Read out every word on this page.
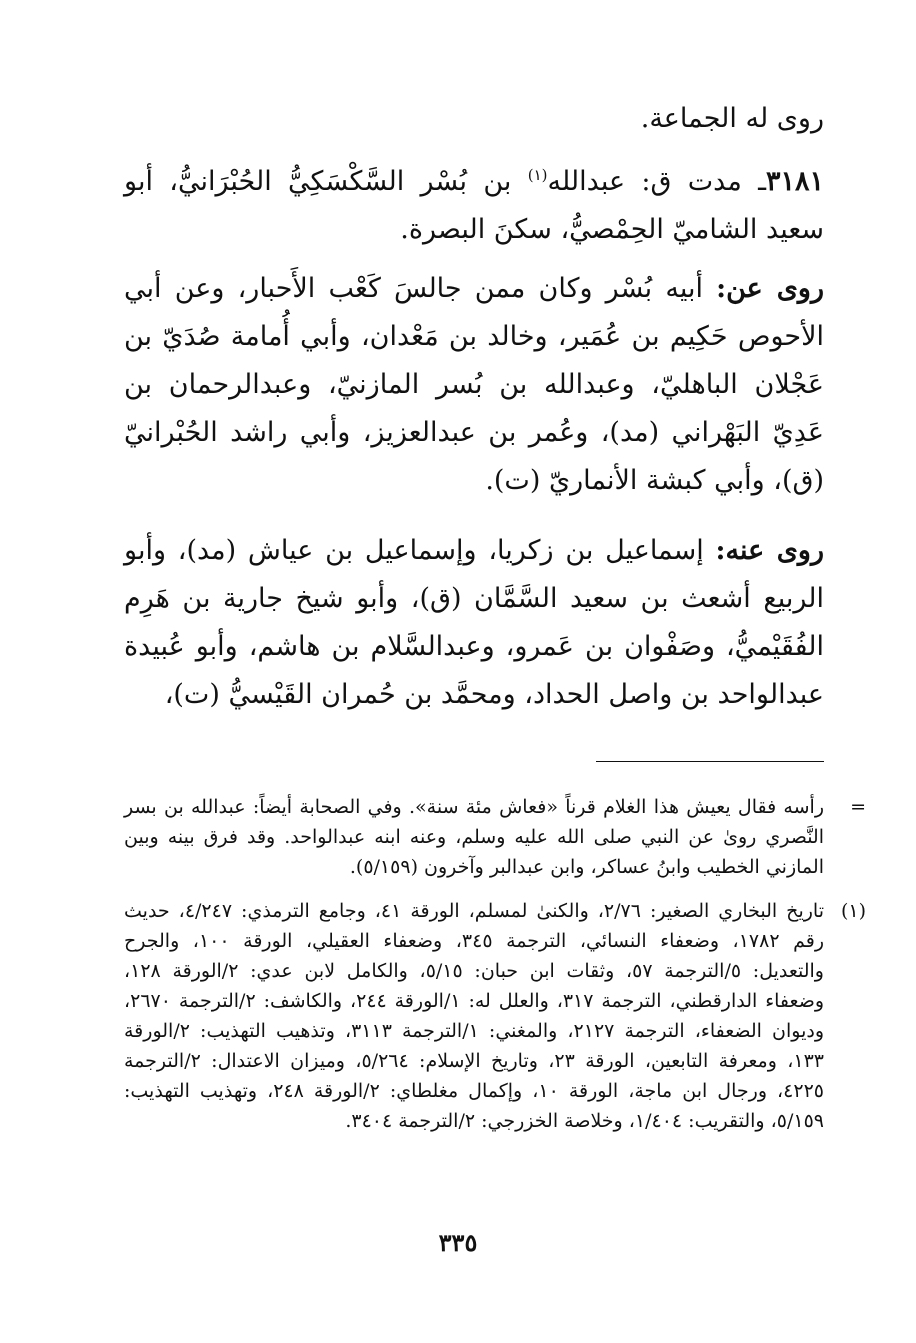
روى له الجماعة.
٣١٨١ـ مدت ق: عبدالله$^{(١)}$ بن بُسْر السَّكْسَكِيُّ الحُبْرَانيُّ، أبو سعيد الشاميّ الحِمْصيُّ، سكنَ البصرة.
روى عن: أبيه بُسْر وكان ممن جالسَ كَعْب الأَحبار، وعن أبي الأحوص حَكِيم بن عُمَير، وخالد بن مَعْدان، وأبي أُمامة صُدَيّ بن عَجْلان الباهليّ، وعبدالله بن بُسر المازنيّ، وعبدالرحمان بن عَدِيّ البَهْراني (مد)، وعُمر بن عبدالعزيز، وأبي راشد الحُبْرانيّ (ق)، وأبي كبشة الأنماريّ (ت).
روى عنه: إسماعيل بن زكريا، وإسماعيل بن عياش (مد)، وأبو الربيع أشعث بن سعيد السَّمَّان (ق)، وأبو شيخ جارية بن هَرِم الفُقَيْميُّ، وصَفْوان بن عَمرو، وعبدالسَّلام بن هاشم، وأبو عُبيدة عبدالواحد بن واصل الحداد، ومحمَّد بن حُمران القَيْسيُّ (ت)،
=
رأسه فقال يعيش هذا الغلام قرناً «فعاش مئة سنة». وفي الصحابة أيضاً: عبدالله بن بسر النَّصري روىٰ عن النبي صلى الله عليه وسلم، وعنه ابنه عبدالواحد. وقد فرق بينه وبين المازني الخطيب وابنُ عساكر، وابن عبدالبر وآخرون (٥/١٥٩).
(١)
تاريخ البخاري الصغير: ٢/٧٦، والكنىٰ لمسلم، الورقة ٤١، وجامع الترمذي: ٤/٢٤٧، حديث رقم ١٧٨٢، وضعفاء النسائي، الترجمة ٣٤٥، وضعفاء العقيلي، الورقة ١٠٠، والجرح والتعديل: ٥/الترجمة ٥٧، وثقات ابن حبان: ٥/١٥، والكامل لابن عدي: ٢/الورقة ١٢٨، وضعفاء الدارقطني، الترجمة ٣١٧، والعلل له: ١/الورقة ٢٤٤، والكاشف: ٢/الترجمة ٢٦٧٠، وديوان الضعفاء، الترجمة ٢١٢٧، والمغني: ١/الترجمة ٣١١٣، وتذهيب التهذيب: ٢/الورقة ١٣٣، ومعرفة التابعين، الورقة ٢٣، وتاريخ الإسلام: ٥/٢٦٤، وميزان الاعتدال: ٢/الترجمة ٤٢٢٥، ورجال ابن ماجة، الورقة ١٠، وإكمال مغلطاي: ٢/الورقة ٢٤٨، وتهذيب التهذيب: ٥/١٥٩، والتقريب: ١/٤٠٤، وخلاصة الخزرجي: ٢/الترجمة ٣٤٠٤.
٣٣٥
